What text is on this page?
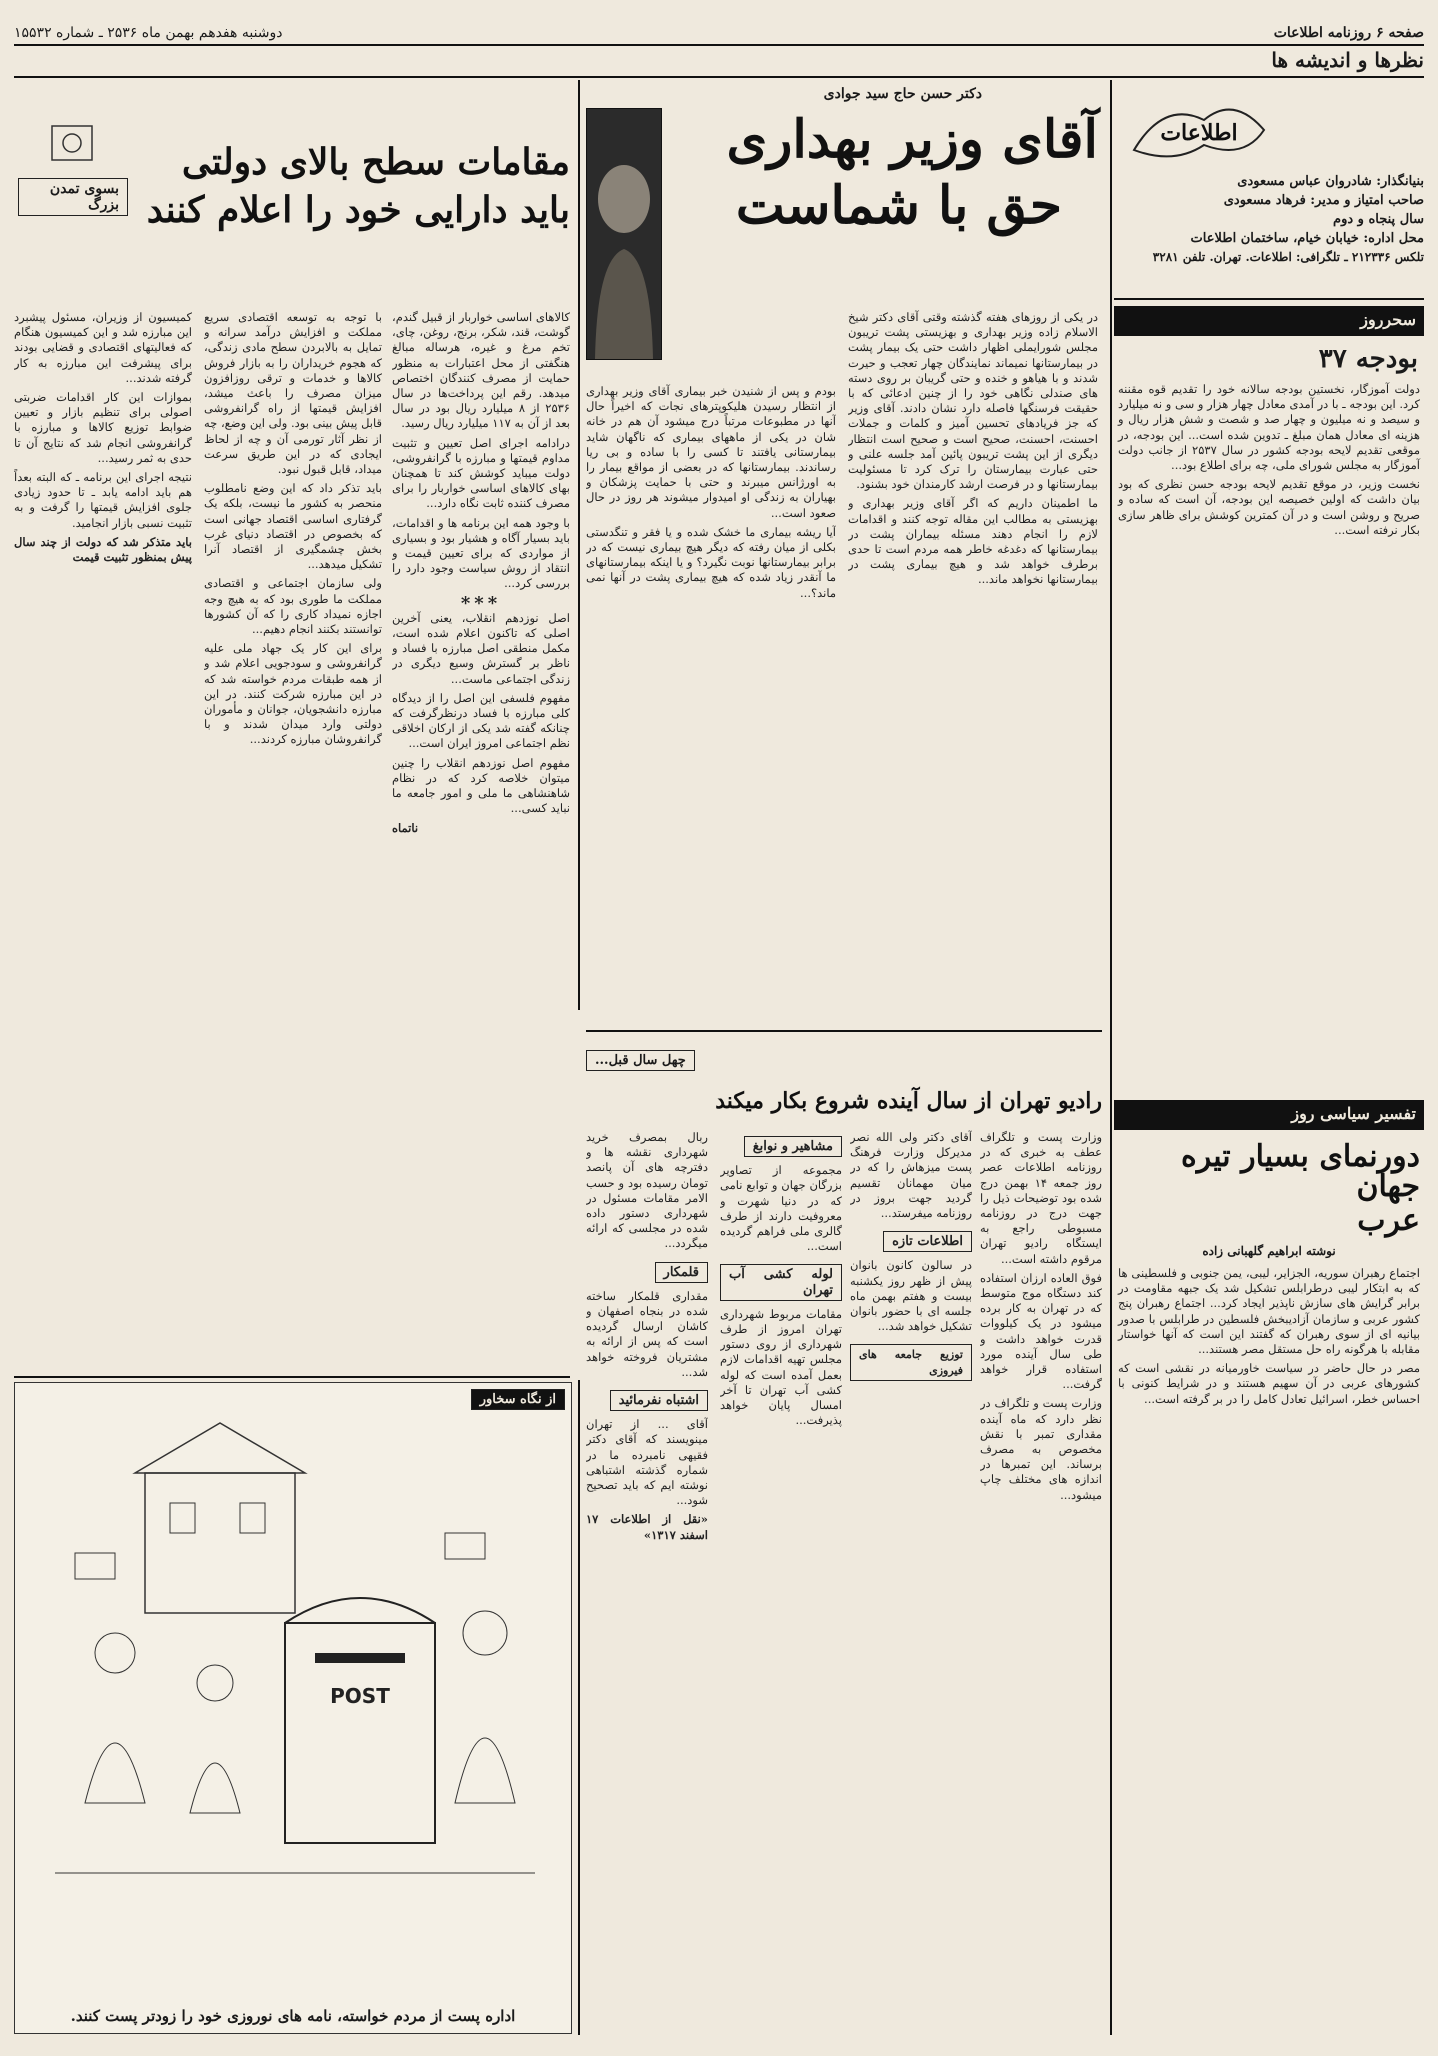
صفحه ۶ روزنامه اطلاعات
دوشنبه هفدهم بهمن ماه ۲۵۳۶ ـ شماره ۱۵۵۳۲
نظرها و اندیشه ها
اطلاعات
بنیانگذار: شادروان عباس مسعودی
صاحب امتیاز و مدیر: فرهاد مسعودی
سال پنجاه و دوم
محل اداره: خیابان خیام، ساختمان اطلاعات
تلکس ۲۱۲۳۳۶ ـ تلگرافی: اطلاعات. تهران. تلفن ۳۲۸۱
سحرروز
بودجه ۳۷

دولت آموزگار، نخستین بودجه سالانه خود را تقدیم قوه مقننه کرد. این بودجه ـ با در آمدی معادل چهار هزار و سی و نه میلیارد و سیصد و نه میلیون و چهار صد و شصت و شش هزار ریال و هزینه ای معادل همان مبلغ ـ تدوین شده است... این بودجه، در موقعی تقدیم لایحه بودجه کشور در سال ۲۵۳۷ از جانب دولت آموزگار به مجلس شورای ملی، چه برای اطلاع بود...

نخست وزیر، در موقع تقدیم لایحه بودجه حسن نظری که بود بیان داشت که اولین خصیصه این بودجه، آن است که ساده و صریح و روشن است و در آن کمترین کوشش برای ظاهر سازی بکار نرفته است...

تفسیر سیاسی روز
دورنمای بسیار تیره جهان
عرب
نوشته ابراهیم گلهبانی زاده

اجتماع رهبران سوریه، الجزایر، لیبی، یمن جنوبی و فلسطینی ها که به ابتکار لیبی درطرابلس تشکیل شد یک جبهه مقاومت در برابر گرایش های سازش ناپذیر ایجاد کرد... اجتماع رهبران پنج کشور عربی و سازمان آزادیبخش فلسطین در طرابلس با صدور بیانیه ای از سوی رهبران که گفتند این است که آنها خواستار مقابله با هرگونه راه حل مستقل مصر هستند...

مصر در حال حاضر در سیاست خاورمیانه در نقشی است که کشورهای عربی در آن سهیم هستند و در شرایط کنونی با احساس خطر، اسرائیل تعادل کامل را در بر گرفته است...

دکتر حسن حاج سید جوادی
آقای وزیر بهداری
حق با شماست

در یکی از روزهای هفته گذشته وقتی آقای دکتر شیخ الاسلام زاده وزیر بهداری و بهزیستی پشت تریبون مجلس شورایملی اظهار داشت حتی یک بیمار پشت در بیمارستانها نمیماند نمایندگان چهار تعجب و حیرت شدند و با هیاهو و خنده و حتی گریبان بر روی دسته های صندلی نگاهی خود را از چنین ادعائی که با حقیقت فرسنگها فاصله دارد نشان دادند. آقای وزیر که جز فریادهای تحسین آمیز و کلمات و جملات احسنت، احسنت، صحیح است و صحیح است انتظار دیگری از این پشت تریبون پائین آمد جلسه علنی و حتی عبارت بیمارستان را ترک کرد تا مسئولیت بیمارستانها و در فرصت ارشد کارمندان خود بشنود.

ما اطمینان داریم که اگر آقای وزیر بهداری و بهزیستی به مطالب این مقاله توجه کنند و اقدامات لازم را انجام دهند مسئله بیماران پشت در بیمارستانها که دغدغه خاطر همه مردم است تا حدی برطرف خواهد شد و هیچ بیماری پشت در بیمارستانها نخواهد ماند...

بودم و پس از شنیدن خبر بیماری آقای وزیر بهداری از انتظار رسیدن هلیکوپترهای نجات که اخیراً حال آنها در مطبوعات مرتباً درج میشود آن هم در خانه شان در یکی از ماههای بیماری که ناگهان شاید بیمارستانی یافتند تا کسی را با ساده و بی ریا رساندند. بیمارستانها که در بعضی از مواقع بیمار را به اورژانس میبرند و حتی با حمایت پزشکان و بهیاران به زندگی او امیدوار میشوند هر روز در حال صعود است...

آیا ریشه بیماری ما خشک شده و یا فقر و تنگدستی بکلی از میان رفته که دیگر هیچ بیماری نیست که در برابر بیمارستانها نوبت نگیرد؟ و یا اینکه بیمارستانهای ما آنقدر زیاد شده که هیچ بیماری پشت در آنها نمی ماند؟...

بسوی تمدن بزرگ
مقامات سطح بالای دولتی
باید دارایی خود را اعلام کنند

کالاهای اساسی خواربار از قبیل گندم، گوشت، قند، شکر، برنج، روغن، چای، تخم مرغ و غیره، هرساله مبالغ هنگفتی از محل اعتبارات به منظور حمایت از مصرف کنندگان اختصاص میدهد. رقم این پرداخت‌ها در سال ۲۵۳۶ از ۸ میلیارد ریال بود در سال بعد از آن به ۱۱۷ میلیارد ریال رسید.

درادامه اجرای اصل تعیین و تثبیت مداوم قیمتها و مبارزه با گرانفروشی، دولت میباید کوشش کند تا همچنان بهای کالاهای اساسی خواربار را برای مصرف کننده ثابت نگاه دارد...

با وجود همه این برنامه ها و اقدامات، باید بسیار آگاه و هشیار بود و بسیاری از مواردی که برای تعیین قیمت و انتقاد از روش سیاست وجود دارد را بررسی کرد...

***

اصل نوزدهم انقلاب، یعنی آخرین اصلی که تاکنون اعلام شده است، مکمل منطقی اصل مبارزه با فساد و ناظر بر گسترش وسیع دیگری در زندگی اجتماعی ماست...

مفهوم فلسفی این اصل را از دیدگاه کلی مبارزه با فساد درنظرگرفت که چنانکه گفته شد یکی از ارکان اخلاقی نظم اجتماعی امروز ایران است...

مفهوم اصل نوزدهم انقلاب را چنین میتوان خلاصه کرد که در نظام شاهنشاهی ما ملی و امور جامعه ما نباید کسی...

ناتماه

با توجه به توسعه اقتصادی سریع مملکت و افزایش درآمد سرانه و تمایل به بالابردن سطح مادی زندگی، که هجوم خریداران را به بازار فروش کالاها و خدمات و ترقی روزافزون میزان مصرف را باعث میشد، افزایش قیمتها از راه گرانفروشی قابل پیش بینی بود. ولی این وضع، چه از نظر آثار تورمی آن و چه از لحاظ ایجادی که در این طریق سرعت میداد، قابل قبول نبود.

باید تذکر داد که این وضع نامطلوب منحصر به کشور ما نیست، بلکه یک گرفتاری اساسی اقتصاد جهانی است که بخصوص در اقتصاد دنیای غرب بخش چشمگیری از اقتصاد آنرا تشکیل میدهد...

ولی سازمان اجتماعی و اقتصادی مملکت ما طوری بود که به هیچ وجه اجازه نمیداد کاری را که آن کشورها توانستند بکنند انجام دهیم...

برای این کار یک جهاد ملی علیه گرانفروشی و سودجویی اعلام شد و از همه طبقات مردم خواسته شد که در این مبارزه شرکت کنند. در این مبارزه دانشجویان، جوانان و مأموران دولتی وارد میدان شدند و با گرانفروشان مبارزه کردند...

کمیسیون از وزیران، مسئول پیشبرد این مبارزه شد و این کمیسیون هنگام که فعالیتهای اقتصادی و قضایی بودند برای پیشرفت این مبارزه به کار گرفته شدند...

بموازات این کار اقدامات ضربتی اصولی برای تنظیم بازار و تعیین ضوابط توزیع کالاها و مبارزه با گرانفروشی انجام شد که نتایج آن تا حدی به ثمر رسید...

نتیجه اجرای این برنامه ـ که البته بعداً هم باید ادامه یابد ـ تا حدود زیادی جلوی افزایش قیمتها را گرفت و به تثبیت نسبی بازار انجامید.

باید متذکر شد که دولت از چند سال پیش بمنظور تثبیت قیمت

چهل سال قبل...
رادیو تهران از سال آینده شروع بکار میکند

وزارت پست و تلگراف عطف به خبری که در روزنامه اطلاعات عصر روز جمعه ۱۴ بهمن درج شده بود توضیحات ذیل را جهت درج در روزنامه مسبوطی راجع به ایستگاه رادیو تهران مرقوم داشته است...

فوق العاده ارزان استفاده کند دستگاه موج متوسط که در تهران به کار برده میشود در یک کیلووات قدرت خواهد داشت و طی سال آینده مورد استفاده قرار خواهد گرفت...

وزارت پست و تلگراف در نظر دارد که ماه آینده مقداری تمبر با نقش مخصوص به مصرف برساند. این تمبرها در اندازه های مختلف چاپ میشود...

آقای دکتر ولی الله نصر مدیرکل وزارت فرهنگ پست میزهاش را که در میان مهمانان تقسیم گردید جهت بروز در روزنامه میفرستد...

اطلاعات تازه

در سالون کانون بانوان پیش از ظهر روز یکشنبه بیست و هفتم بهمن ماه جلسه ای با حضور بانوان تشکیل خواهد شد...

توزیع جامعه های فیروزی
مشاهیر و نوابغ

مجموعه از تصاویر بزرگان جهان و توابع نامی که در دنیا شهرت و معروفیت دارند از طرف گالری ملی فراهم گردیده است...

لوله کشی آب تهران

مقامات مربوط شهرداری تهران امروز از طرف شهرداری از روی دستور مجلس تهیه اقدامات لازم بعمل آمده است که لوله کشی آب تهران تا آخر امسال پایان خواهد پذیرفت...

ربال بمصرف خرید شهرداری نقشه ها و دفترچه های آن پانصد تومان رسیده بود و حسب الامر مقامات مسئول در شهرداری دستور داده شده در مجلسی که ارائه میگردد...

قلمکار

مقداری قلمکار ساخته شده در بنجاه اصفهان و کاشان ارسال گردیده است که پس از ارائه به مشتریان فروخته خواهد شد...

اشتباه نفرمائید

آقای ... از تهران مینویسند که آقای دکتر فقیهی نامبرده ما در شماره گذشته اشتباهی نوشته ایم که باید تصحیح شود...

«نقل از اطلاعات ۱۷ اسفند ۱۳۱۷»

از نگاه سخاور
POST
اداره پست از مردم خواسته، نامه های نوروزی خود را زودتر پست کنند.
